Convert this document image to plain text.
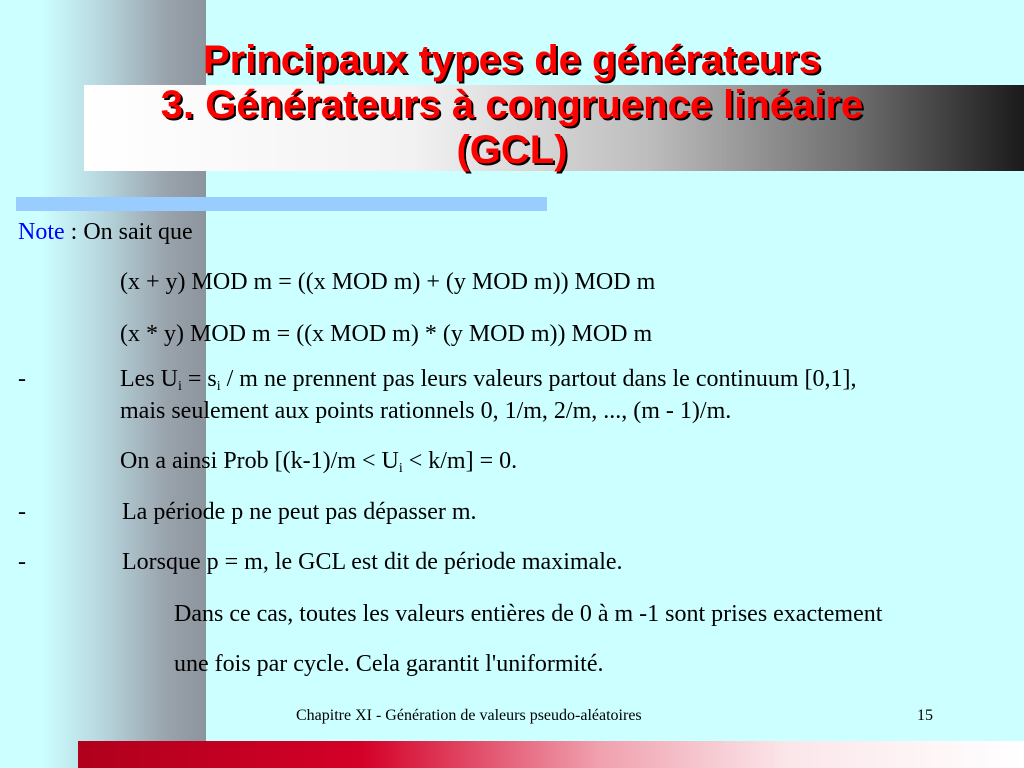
Principaux types de générateurs
3. Générateurs à congruence linéaire
(GCL)

Note : On sait que

(x + y) MOD m = ((x MOD m) + (y MOD m)) MOD m

(x * y) MOD m = ((x MOD m) * (y MOD m)) MOD m

-	Les $U_i = s_i / m$ ne prennent pas leurs valeurs partout dans le continuum [0,1],

mais seulement aux points rationnels 0, 1/m, 2/m, ..., (m - 1)/m.

On a ainsi Prob $[(k-1)/m < U_i < k/m] = 0$.

-	La période p ne peut pas dépasser m.

-	Lorsque p = m, le GCL est dit de période maximale.

Dans ce cas, toutes les valeurs entières de 0 à m -1 sont prises exactement

une fois par cycle. Cela garantit l'uniformité.

Chapitre XI - Génération de valeurs pseudo-aléatoires	15
